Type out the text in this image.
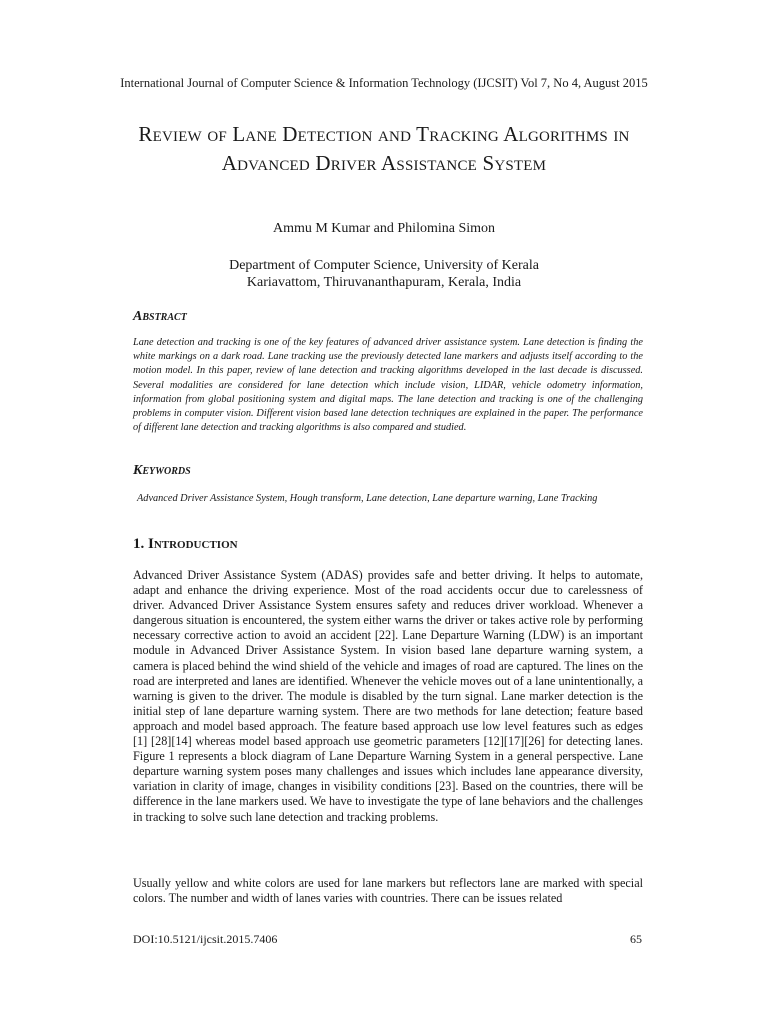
International Journal of Computer Science & Information Technology (IJCSIT) Vol 7, No 4, August 2015
Review of Lane Detection and Tracking Algorithms in Advanced Driver Assistance System
Ammu M Kumar and Philomina Simon
Department of Computer Science, University of Kerala
Kariavattom, Thiruvananthapuram, Kerala, India
Abstract
Lane detection and tracking is one of the key features of advanced driver assistance system. Lane detection is finding the white markings on a dark road. Lane tracking use the previously detected lane markers and adjusts itself according to the motion model. In this paper, review of lane detection and tracking algorithms developed in the last decade is discussed. Several modalities are considered for lane detection which include vision, LIDAR, vehicle odometry information, information from global positioning system and digital maps. The lane detection and tracking is one of the challenging problems in computer vision. Different vision based lane detection techniques are explained in the paper. The performance of different lane detection and tracking algorithms is also compared and studied.
Keywords
Advanced Driver Assistance System, Hough transform, Lane detection, Lane departure warning, Lane Tracking
1. Introduction
Advanced Driver Assistance System (ADAS) provides safe and better driving. It helps to automate, adapt and enhance the driving experience. Most of the road accidents occur due to carelessness of driver. Advanced Driver Assistance System ensures safety and reduces driver workload. Whenever a dangerous situation is encountered, the system either warns the driver or takes active role by performing necessary corrective action to avoid an accident [22]. Lane Departure Warning (LDW) is an important module in Advanced Driver Assistance System. In vision based lane departure warning system, a camera is placed behind the wind shield of the vehicle and images of road are captured. The lines on the road are interpreted and lanes are identified. Whenever the vehicle moves out of a lane unintentionally, a warning is given to the driver. The module is disabled by the turn signal. Lane marker detection is the initial step of lane departure warning system. There are two methods for lane detection; feature based approach and model based approach. The feature based approach use low level features such as edges [1] [28][14] whereas model based approach use geometric parameters [12][17][26] for detecting lanes. Figure 1 represents a block diagram of Lane Departure Warning System in a general perspective. Lane departure warning system poses many challenges and issues which includes lane appearance diversity, variation in clarity of image, changes in visibility conditions [23]. Based on the countries, there will be difference in the lane markers used. We have to investigate the type of lane behaviors and the challenges in tracking to solve such lane detection and tracking problems.
Usually yellow and white colors are used for lane markers but reflectors lane are marked with special colors. The number and width of lanes varies with countries. There can be issues related
DOI:10.5121/ijcsit.2015.7406	65
